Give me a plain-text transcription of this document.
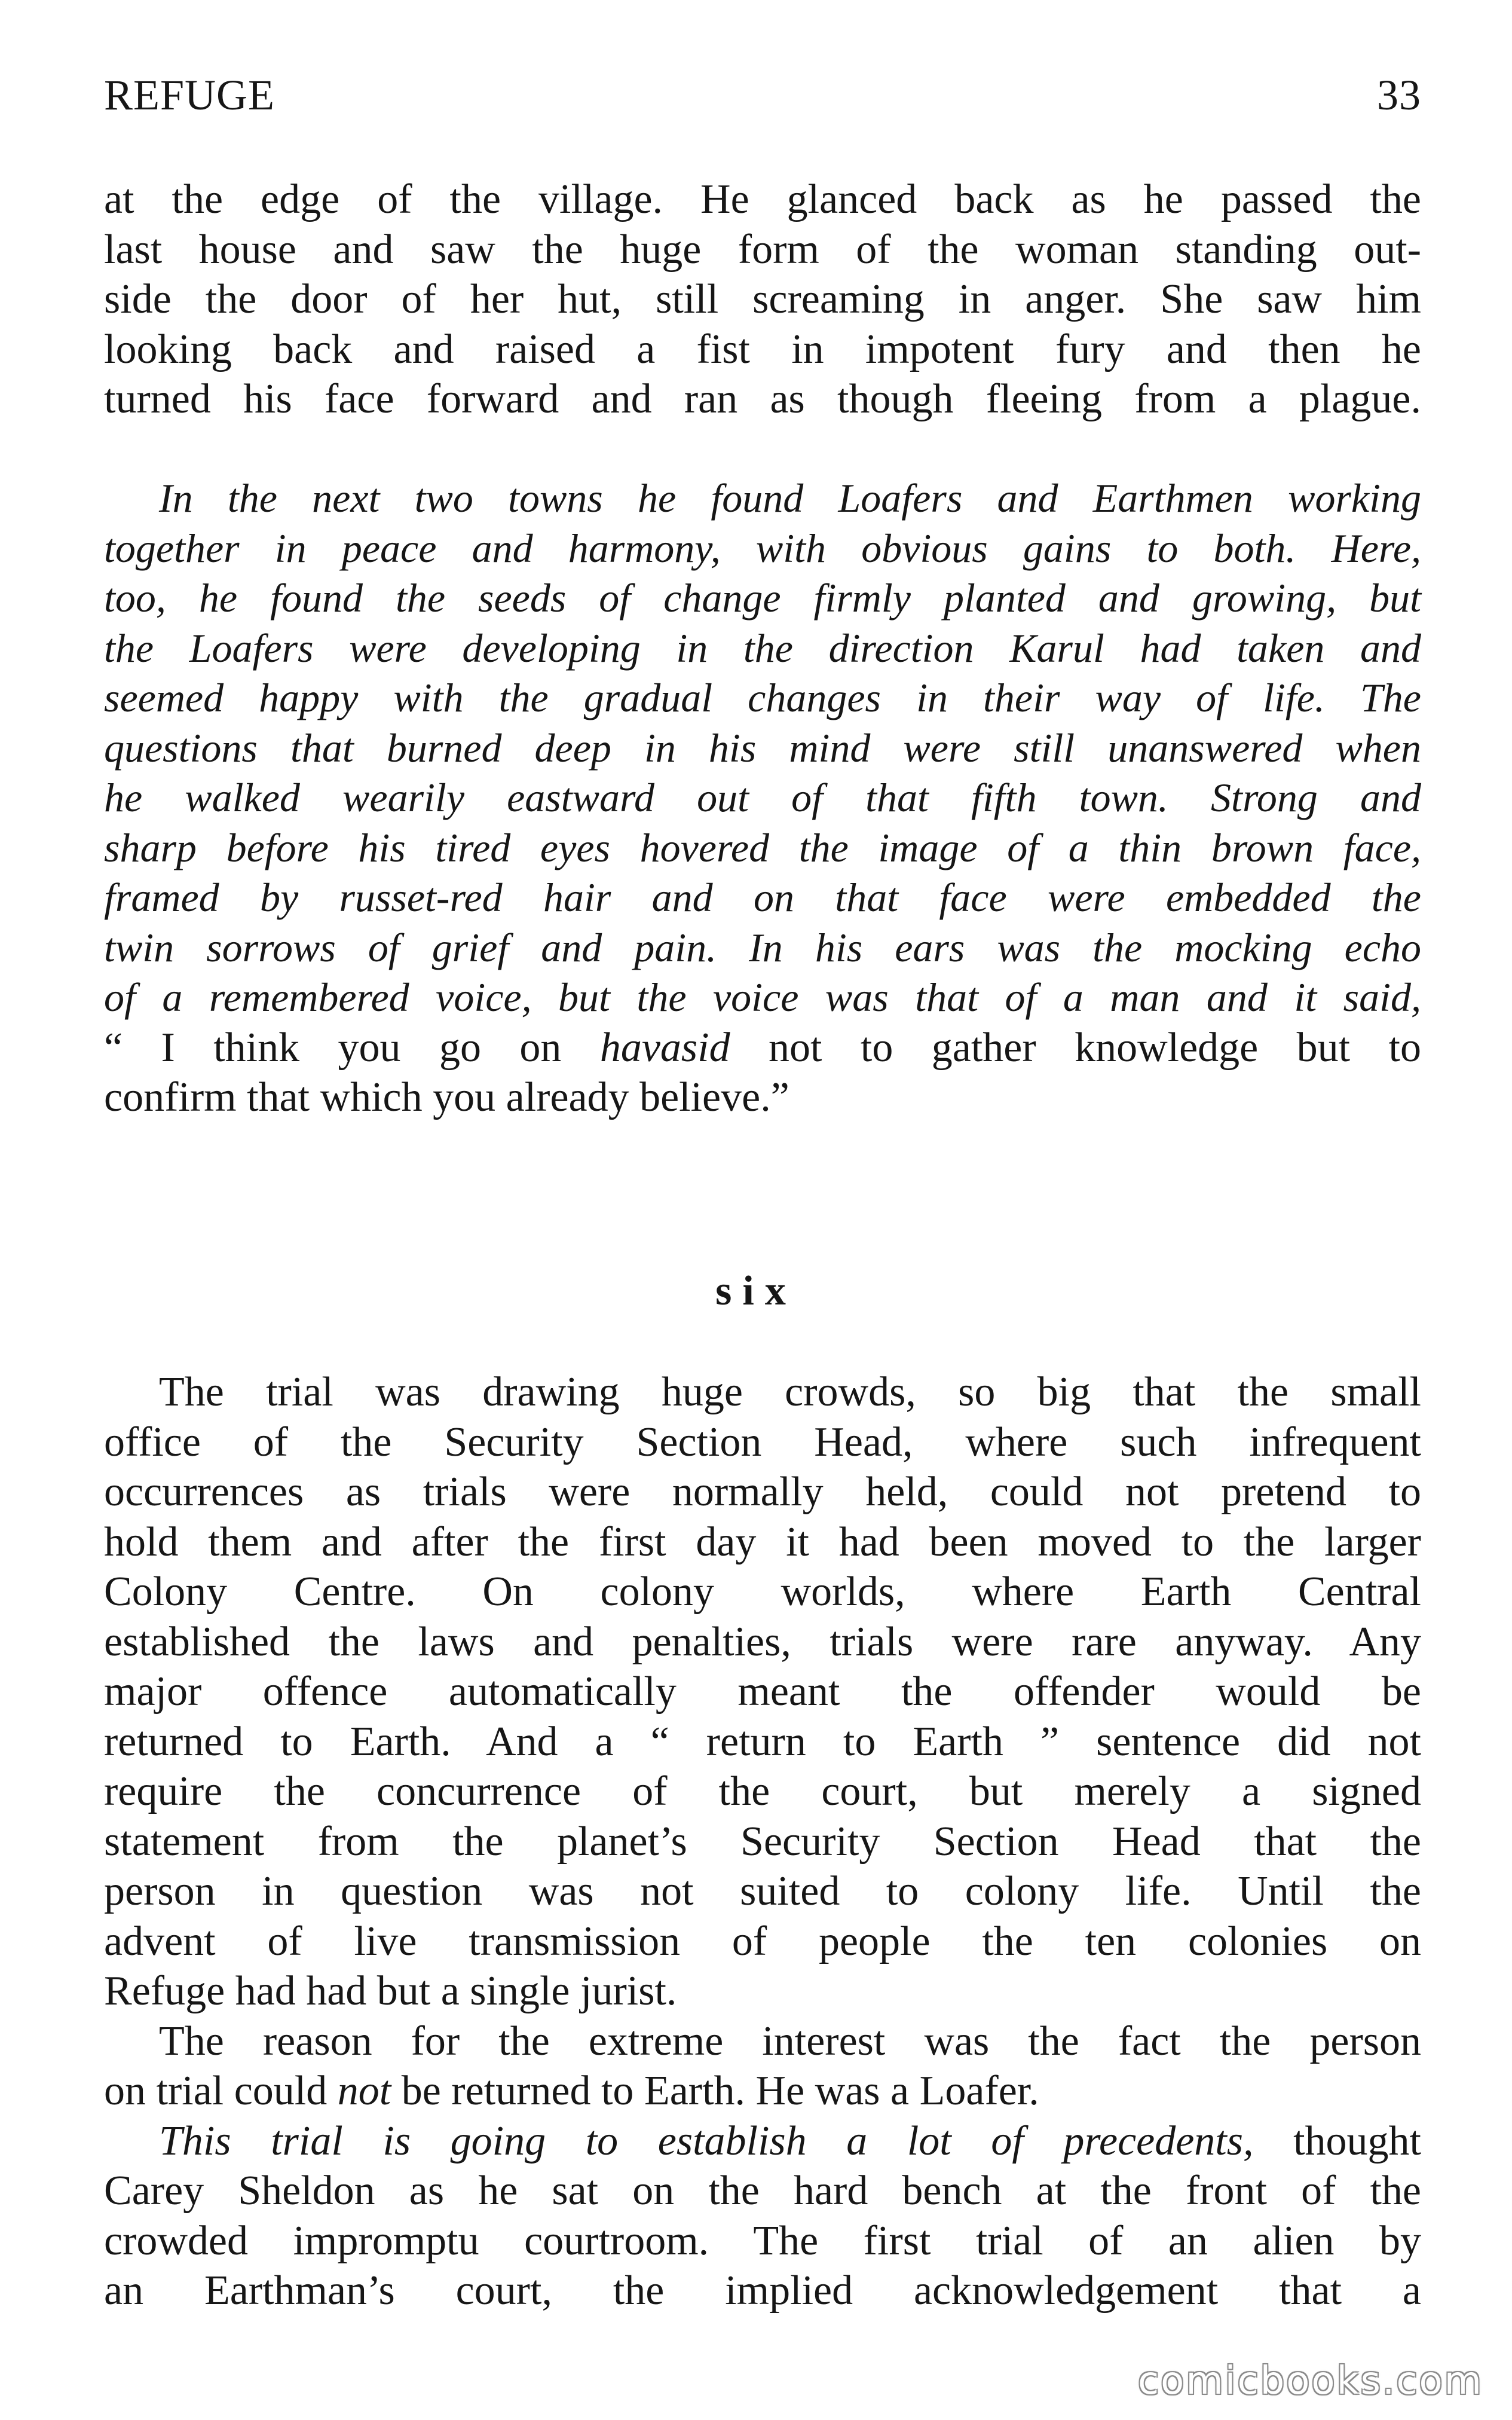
REFUGE	33
at the edge of the village. He glanced back as he passed the
last house and saw the huge form of the woman standing out-
side the door of her hut, still screaming in anger. She saw him
looking back and raised a fist in impotent fury and then he
turned his face forward and ran as though fleeing from a plague.
In the next two towns he found Loafers and Earthmen working
together in peace and harmony, with obvious gains to both. Here,
too, he found the seeds of change firmly planted and growing, but
the Loafers were developing in the direction Karul had taken and
seemed happy with the gradual changes in their way of life. The
questions that burned deep in his mind were still unanswered when
he walked wearily eastward out of that fifth town. Strong and
sharp before his tired eyes hovered the image of a thin brown face,
framed by russet-red hair and on that face were embedded the
twin sorrows of grief and pain. In his ears was the mocking echo
of a remembered voice, but the voice was that of a man and it said,
“ I think you go on havasid not to gather knowledge but to
confirm that which you already believe.”
six
The trial was drawing huge crowds, so big that the small
office of the Security Section Head, where such infrequent
occurrences as trials were normally held, could not pretend to
hold them and after the first day it had been moved to the larger
Colony Centre. On colony worlds, where Earth Central
established the laws and penalties, trials were rare anyway. Any
major offence automatically meant the offender would be
returned to Earth. And a “ return to Earth ” sentence did not
require the concurrence of the court, but merely a signed
statement from the planet’s Security Section Head that the
person in question was not suited to colony life. Until the
advent of live transmission of people the ten colonies on
Refuge had had but a single jurist.
The reason for the extreme interest was the fact the person
on trial could not be returned to Earth. He was a Loafer.
This trial is going to establish a lot of precedents, thought
Carey Sheldon as he sat on the hard bench at the front of the
crowded impromptu courtroom. The first trial of an alien by
an Earthman’s court, the implied acknowledgement that a
comicbooks.com
